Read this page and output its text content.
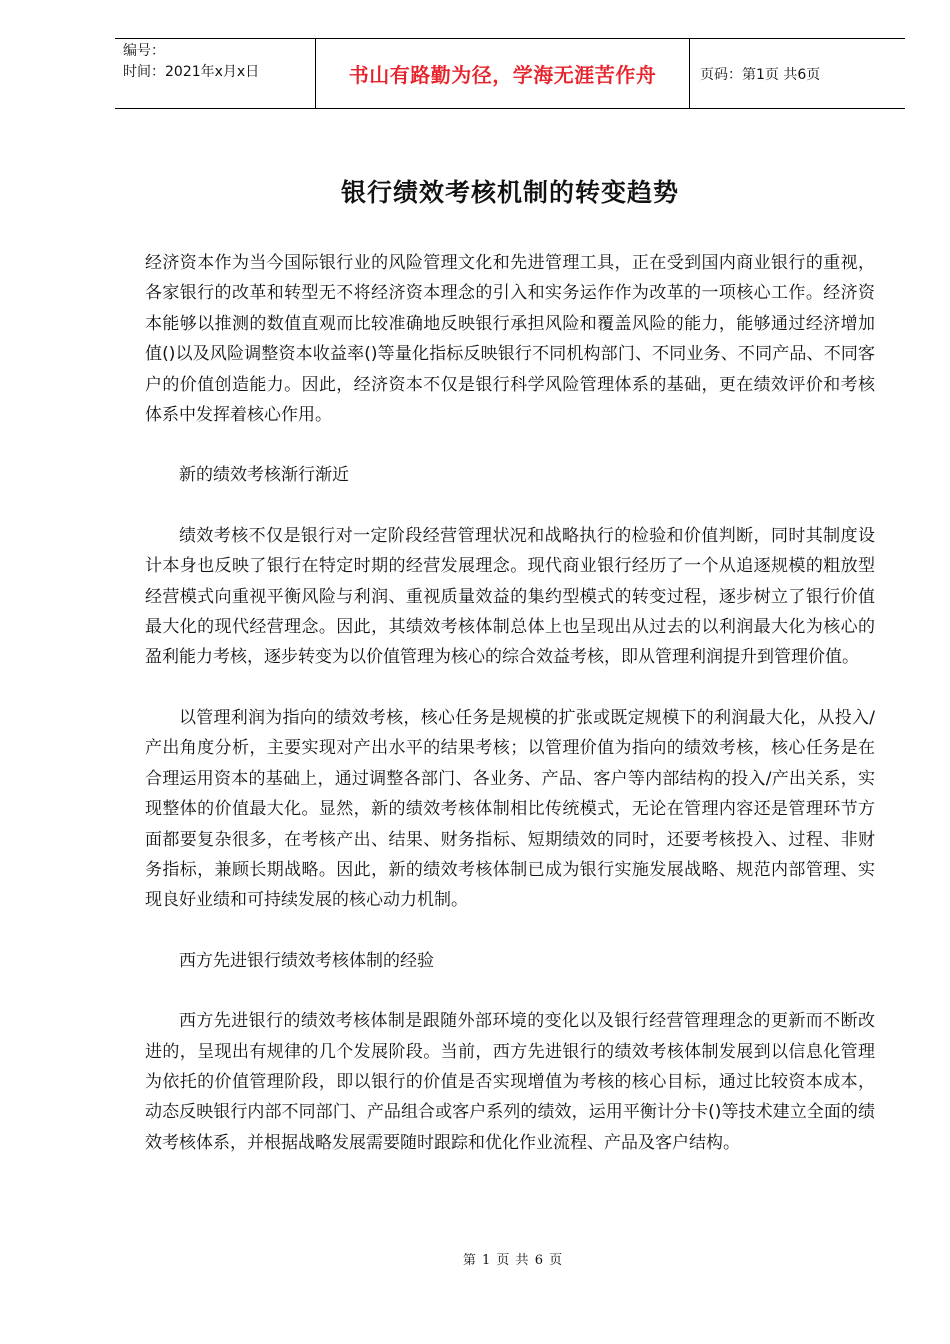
编号：
时间：2021年x月x日	书山有路勤为径，学海无涯苦作舟	页码：第1页 共6页
银行绩效考核机制的转变趋势

经济资本作为当今国际银行业的风险管理文化和先进管理工具，正在受到国内商业银行的重视，各家银行的改革和转型无不将经济资本理念的引入和实务运作作为改革的一项核心工作。经济资本能够以推测的数值直观而比较准确地反映银行承担风险和覆盖风险的能力，能够通过经济增加值()以及风险调整资本收益率()等量化指标反映银行不同机构部门、不同业务、不同产品、不同客户的价值创造能力。因此，经济资本不仅是银行科学风险管理体系的基础，更在绩效评价和考核体系中发挥着核心作用。

新的绩效考核渐行渐近

绩效考核不仅是银行对一定阶段经营管理状况和战略执行的检验和价值判断，同时其制度设计本身也反映了银行在特定时期的经营发展理念。现代商业银行经历了一个从追逐规模的粗放型经营模式向重视平衡风险与利润、重视质量效益的集约型模式的转变过程，逐步树立了银行价值最大化的现代经营理念。因此，其绩效考核体制总体上也呈现出从过去的以利润最大化为核心的盈利能力考核，逐步转变为以价值管理为核心的综合效益考核，即从管理利润提升到管理价值。

以管理利润为指向的绩效考核，核心任务是规模的扩张或既定规模下的利润最大化，从投入/产出角度分析，主要实现对产出水平的结果考核；以管理价值为指向的绩效考核，核心任务是在合理运用资本的基础上，通过调整各部门、各业务、产品、客户等内部结构的投入/产出关系，实现整体的价值最大化。显然，新的绩效考核体制相比传统模式，无论在管理内容还是管理环节方面都要复杂很多，在考核产出、结果、财务指标、短期绩效的同时，还要考核投入、过程、非财务指标，兼顾长期战略。因此，新的绩效考核体制已成为银行实施发展战略、规范内部管理、实现良好业绩和可持续发展的核心动力机制。

西方先进银行绩效考核体制的经验

西方先进银行的绩效考核体制是跟随外部环境的变化以及银行经营管理理念的更新而不断改进的，呈现出有规律的几个发展阶段。当前，西方先进银行的绩效考核体制发展到以信息化管理为依托的价值管理阶段，即以银行的价值是否实现增值为考核的核心目标，通过比较资本成本，动态反映银行内部不同部门、产品组合或客户系列的绩效，运用平衡计分卡()等技术建立全面的绩效考核体系，并根据战略发展需要随时跟踪和优化作业流程、产品及客户结构。

第 1 页 共 6 页
